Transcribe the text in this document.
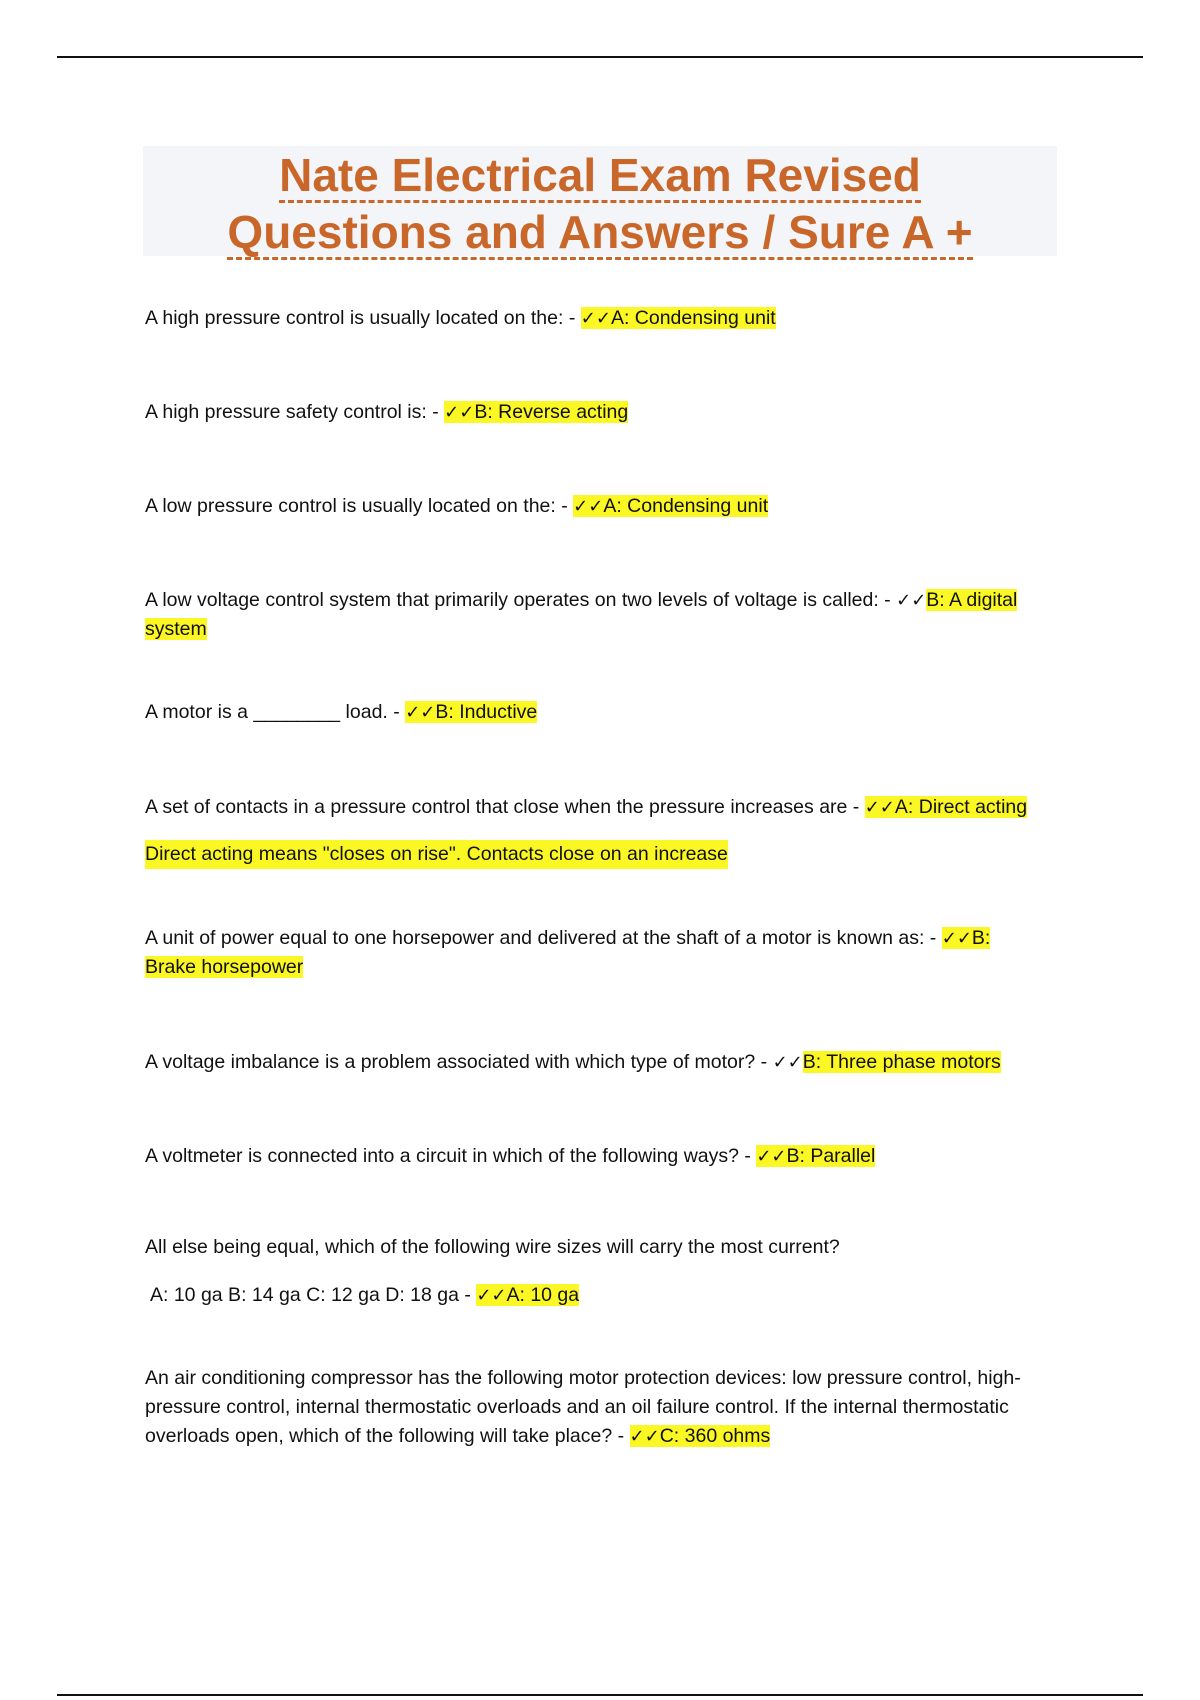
Nate Electrical Exam Revised
Questions and Answers / Sure A +

A high pressure control is usually located on the: - ✓✓A: Condensing unit

A high pressure safety control is: - ✓✓B: Reverse acting

A low pressure control is usually located on the: - ✓✓A: Condensing unit

A low voltage control system that primarily operates on two levels of voltage is called: - ✓✓B: A digital system

A motor is a ________ load. - ✓✓B: Inductive

A set of contacts in a pressure control that close when the pressure increases are - ✓✓A: Direct acting

Direct acting means "closes on rise". Contacts close on an increase

A unit of power equal to one horsepower and delivered at the shaft of a motor is known as: - ✓✓B: Brake horsepower

A voltage imbalance is a problem associated with which type of motor? - ✓✓B: Three phase motors

A voltmeter is connected into a circuit in which of the following ways? - ✓✓B: Parallel

All else being equal, which of the following wire sizes will carry the most current?

A: 10 ga B: 14 ga C: 12 ga D: 18 ga - ✓✓A: 10 ga

An air conditioning compressor has the following motor protection devices: low pressure control, high-pressure control, internal thermostatic overloads and an oil failure control. If the internal thermostatic overloads open, which of the following will take place? - ✓✓C: 360 ohms
